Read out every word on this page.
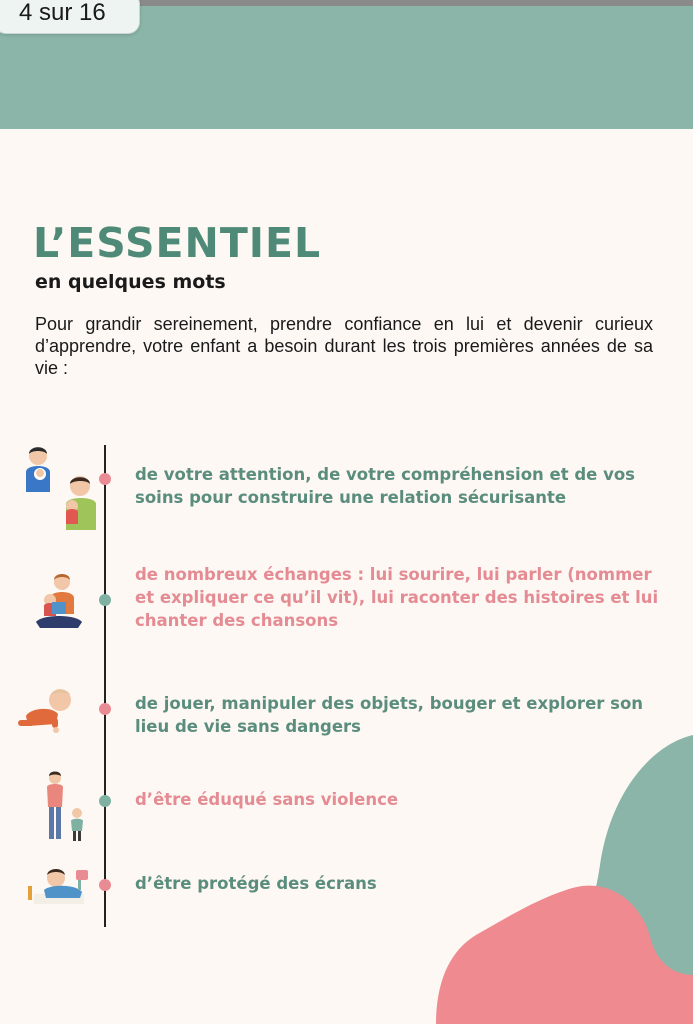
4 sur 16
L’ESSENTIEL
en quelques mots
Pour grandir sereinement, prendre confiance en lui et devenir curieux d’apprendre, votre enfant a besoin durant les trois premières années de sa vie :
de votre attention, de votre compréhension et de vos soins pour construire une relation sécurisante
de nombreux échanges : lui sourire, lui parler (nommer et expliquer ce qu’il vit), lui raconter des histoires et lui chanter des chansons
de jouer, manipuler des objets, bouger et explorer son lieu de vie sans dangers
d’être éduqué sans violence
d’être protégé des écrans
